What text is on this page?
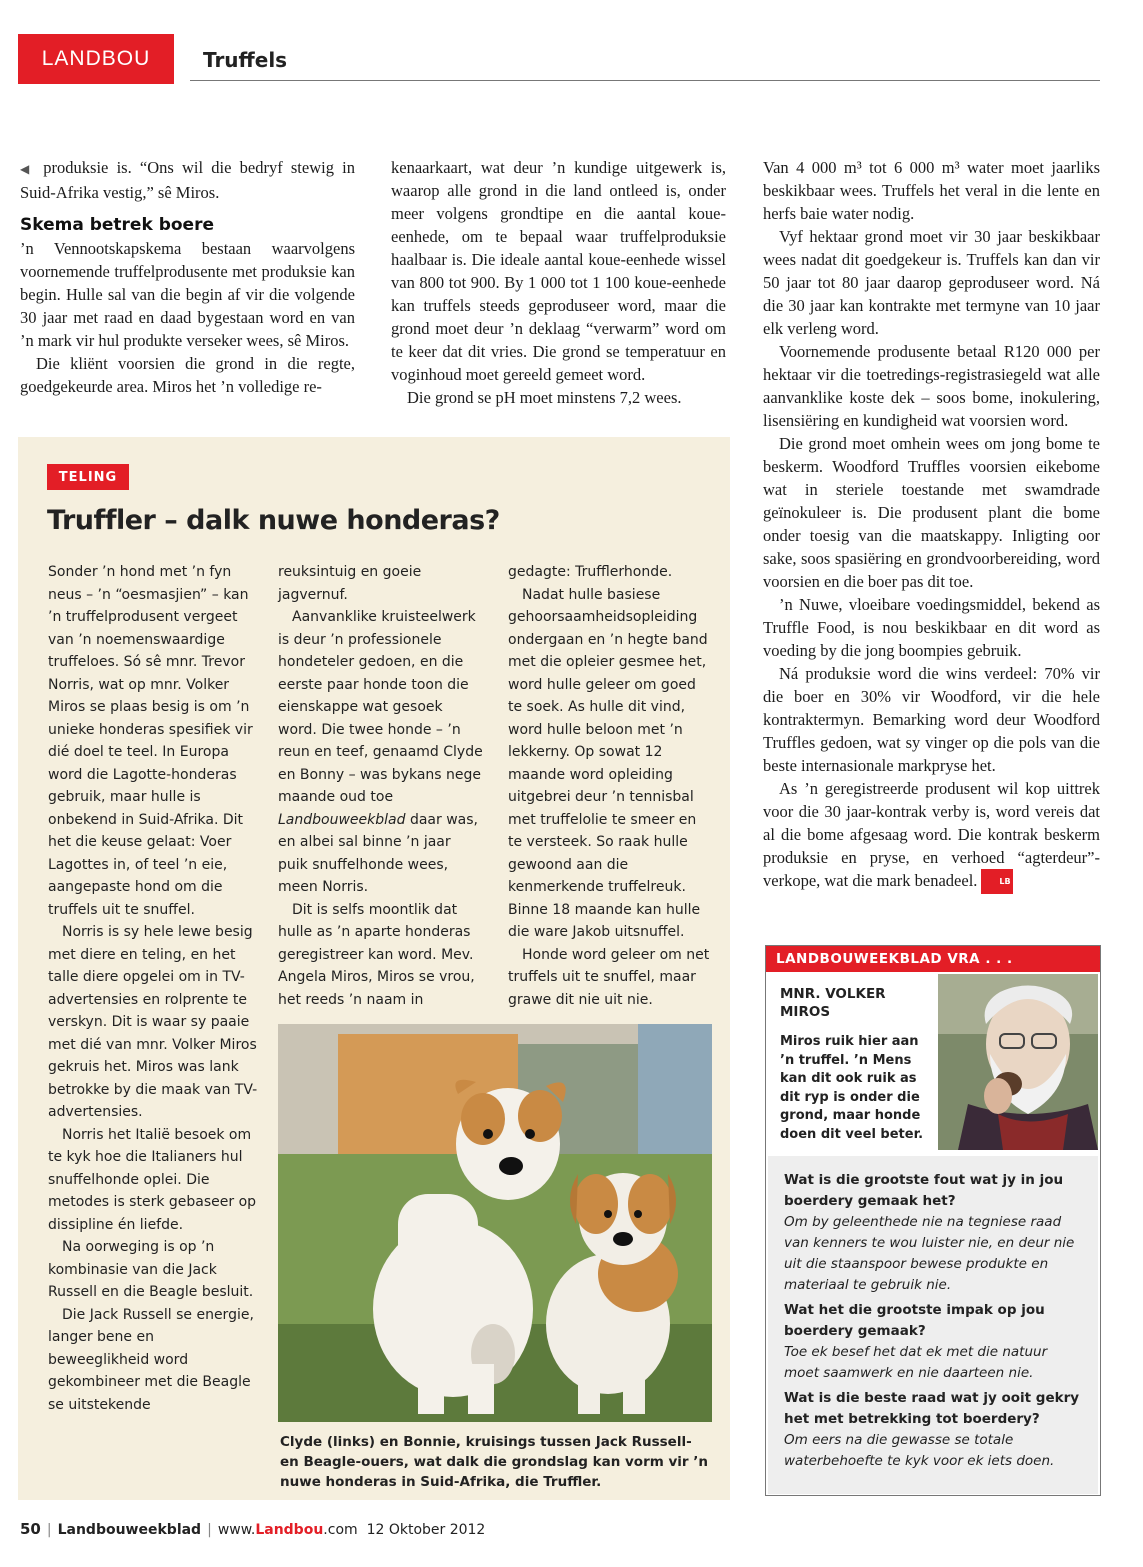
LANDBOU	Truffels

◀ produksie is. “Ons wil die bedryf stewig in Suid-Afrika vestig,” sê Miros.

Skema betrek boere

’n Vennootskapskema bestaan waarvolgens voornemende truffelprodusente met produksie kan begin. Hulle sal van die begin af vir die volgende 30 jaar met raad en daad bygestaan word en van ’n mark vir hul produkte verseker wees, sê Miros.

Die kliënt voorsien die grond in die regte, goedgekeurde area. Miros het ’n volledige re-

kenaarkaart, wat deur ’n kundige uitgewerk is, waarop alle grond in die land ontleed is, onder meer volgens grondtipe en die aantal koue-eenhede, om te bepaal waar truffelproduksie haalbaar is. Die ideale aantal koue-eenhede wissel van 800 tot 900. By 1 000 tot 1 100 koue-eenhede kan truffels steeds geproduseer word, maar die grond moet deur ’n deklaag “verwarm” word om te keer dat dit vries. Die grond se temperatuur en voginhoud moet gereeld gemeet word.

Die grond se pH moet minstens 7,2 wees.

Van 4 000 m³ tot 6 000 m³ water moet jaarliks beskikbaar wees. Truffels het veral in die lente en herfs baie water nodig.

Vyf hektaar grond moet vir 30 jaar beskikbaar wees nadat dit goedgekeur is. Truffels kan dan vir 50 jaar tot 80 jaar daarop geproduseer word. Ná die 30 jaar kan kontrakte met termyne van 10 jaar elk verleng word.

Voornemende produsente betaal R120 000 per hektaar vir die toetredings-registrasiegeld wat alle aanvanklike koste dek – soos bome, inokulering, lisensiëring en kundigheid wat voorsien word.

Die grond moet omhein wees om jong bome te beskerm. Woodford Truffles voorsien eikebome wat in steriele toestande met swamdrade geïnokuleer is. Die produsent plant die bome onder toesig van die maatskappy. Inligting oor sake, soos spasiëring en grondvoorbereiding, word voorsien en die boer pas dit toe.

’n Nuwe, vloeibare voedingsmiddel, bekend as Truffle Food, is nou beskikbaar en dit word as voeding by die jong boompies gebruik.

Ná produksie word die wins verdeel: 70% vir die boer en 30% vir Woodford, vir die hele kontraktermyn. Bemarking word deur Woodford Truffles gedoen, wat sy vinger op die pols van die beste internasionale markpryse het.

As ’n geregistreerde produsent wil kop uittrek voor die 30 jaar-kontrak verby is, word vereis dat al die bome afgesaag word. Die kontrak beskerm produksie en pryse, en verhoed “agterdeur”-verkope, wat die mark benadeel.	LB

TELING
Truffler – dalk nuwe honderas?

Sonder ’n hond met ’n fyn neus – ’n “oesmasjien” – kan ’n truffelprodusent vergeet van ’n noemenswaardige truffeloes. Só sê mnr. Trevor Norris, wat op mnr. Volker Miros se plaas besig is om ’n unieke honderas spesifiek vir dié doel te teel. In Europa word die Lagotte-honderas gebruik, maar hulle is onbekend in Suid-Afrika. Dit het die keuse gelaat: Voer Lagottes in, of teel ’n eie, aangepaste hond om die truffels uit te snuffel.

Norris is sy hele lewe besig met diere en teling, en het talle diere opgelei om in TV-advertensies en rolprente te verskyn. Dit is waar sy paaie met dié van mnr. Volker Miros gekruis het. Miros was lank betrokke by die maak van TV-advertensies.

Norris het Italië besoek om te kyk hoe die Italianers hul snuffelhonde oplei. Die metodes is sterk gebaseer op dissipline én liefde.

Na oorweging is op ’n kombinasie van die Jack Russell en die Beagle besluit.

Die Jack Russell se energie, langer bene en beweeglikheid word gekombineer met die Beagle se uitstekende

reuksintuig en goeie jagvernuf.

Aanvanklike kruisteelwerk is deur ’n professionele hondeteler gedoen, en die eerste paar honde toon die eienskappe wat gesoek word. Die twee honde – ’n reun en teef, genaamd Clyde en Bonny – was bykans nege maande oud toe Landbouweekblad daar was, en albei sal binne ’n jaar puik snuffelhonde wees, meen Norris.

Dit is selfs moontlik dat hulle as ’n aparte honderas geregistreer kan word. Mev. Angela Miros, Miros se vrou, het reeds ’n naam in

gedagte: Trufflerhonde.

Nadat hulle basiese gehoorsaamheidsopleiding ondergaan en ’n hegte band met die opleier gesmee het, word hulle geleer om goed te soek. As hulle dit vind, word hulle beloon met ’n lekkerny. Op sowat 12 maande word opleiding uitgebrei deur ’n tennisbal met truffelolie te smeer en te versteek. So raak hulle gewoond aan die kenmerkende truffelreuk. Binne 18 maande kan hulle die ware Jakob uitsnuffel.

Honde word geleer om net truffels uit te snuffel, maar grawe dit nie uit nie.

Clyde (links) en Bonnie, kruisings tussen Jack Russell- en Beagle-ouers, wat dalk die grondslag kan vorm vir ’n nuwe honderas in Suid-Afrika, die Truffler.
LANDBOUWEEKBLAD VRA . . .
MNR. VOLKER MIROS
Miros ruik hier aan ’n truffel. ’n Mens kan dit ook ruik as dit ryp is onder die grond, maar honde doen dit veel beter.

Wat is die grootste fout wat jy in jou boerdery gemaak het?

Om by geleenthede nie na tegniese raad van kenners te wou luister nie, en deur nie uit die staanspoor bewese produkte en materiaal te gebruik nie.

Wat het die grootste impak op jou boerdery gemaak?

Toe ek besef het dat ek met die natuur moet saamwerk en nie daarteen nie.

Wat is die beste raad wat jy ooit gekry het met betrekking tot boerdery?

Om eers na die gewasse se totale waterbehoefte te kyk voor ek iets doen.

50 | Landbouweekblad | www.Landbou.com 12 Oktober 2012
